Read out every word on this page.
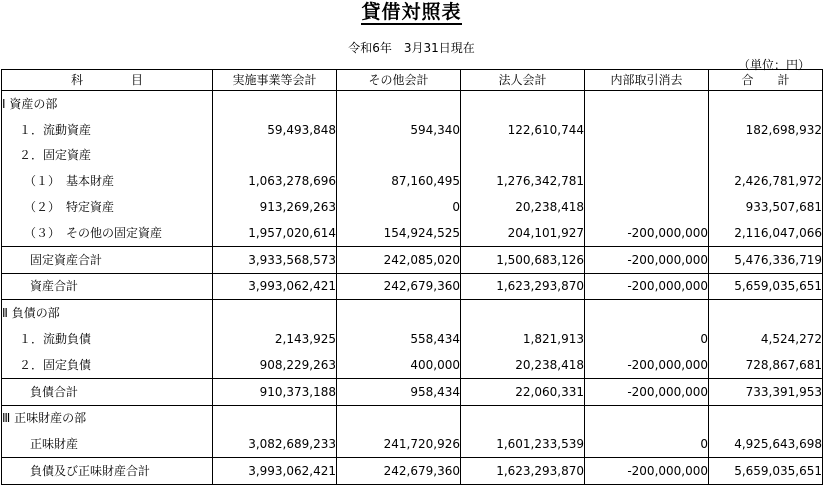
貸借対照表
令和6年　3月31日現在
（単位：円）
科　　　　目	実施事業等会計	その他会計	法人会計	内部取引消去	合　　計
Ⅰ 資産の部					
１．流動資産	59,493,848	594,340	122,610,744		182,698,932
２．固定資産					
（１）　基本財産	1,063,278,696	87,160,495	1,276,342,781		2,426,781,972
（２）　特定資産	913,269,263	0	20,238,418		933,507,681
（３）　その他の固定資産	1,957,020,614	154,924,525	204,101,927	-200,000,000	2,116,047,066
固定資産合計	3,933,568,573	242,085,020	1,500,683,126	-200,000,000	5,476,336,719
資産合計	3,993,062,421	242,679,360	1,623,293,870	-200,000,000	5,659,035,651
Ⅱ 負債の部					
１．流動負債	2,143,925	558,434	1,821,913	0	4,524,272
２．固定負債	908,229,263	400,000	20,238,418	-200,000,000	728,867,681
負債合計	910,373,188	958,434	22,060,331	-200,000,000	733,391,953
Ⅲ 正味財産の部					
正味財産	3,082,689,233	241,720,926	1,601,233,539	0	4,925,643,698
負債及び正味財産合計	3,993,062,421	242,679,360	1,623,293,870	-200,000,000	5,659,035,651
